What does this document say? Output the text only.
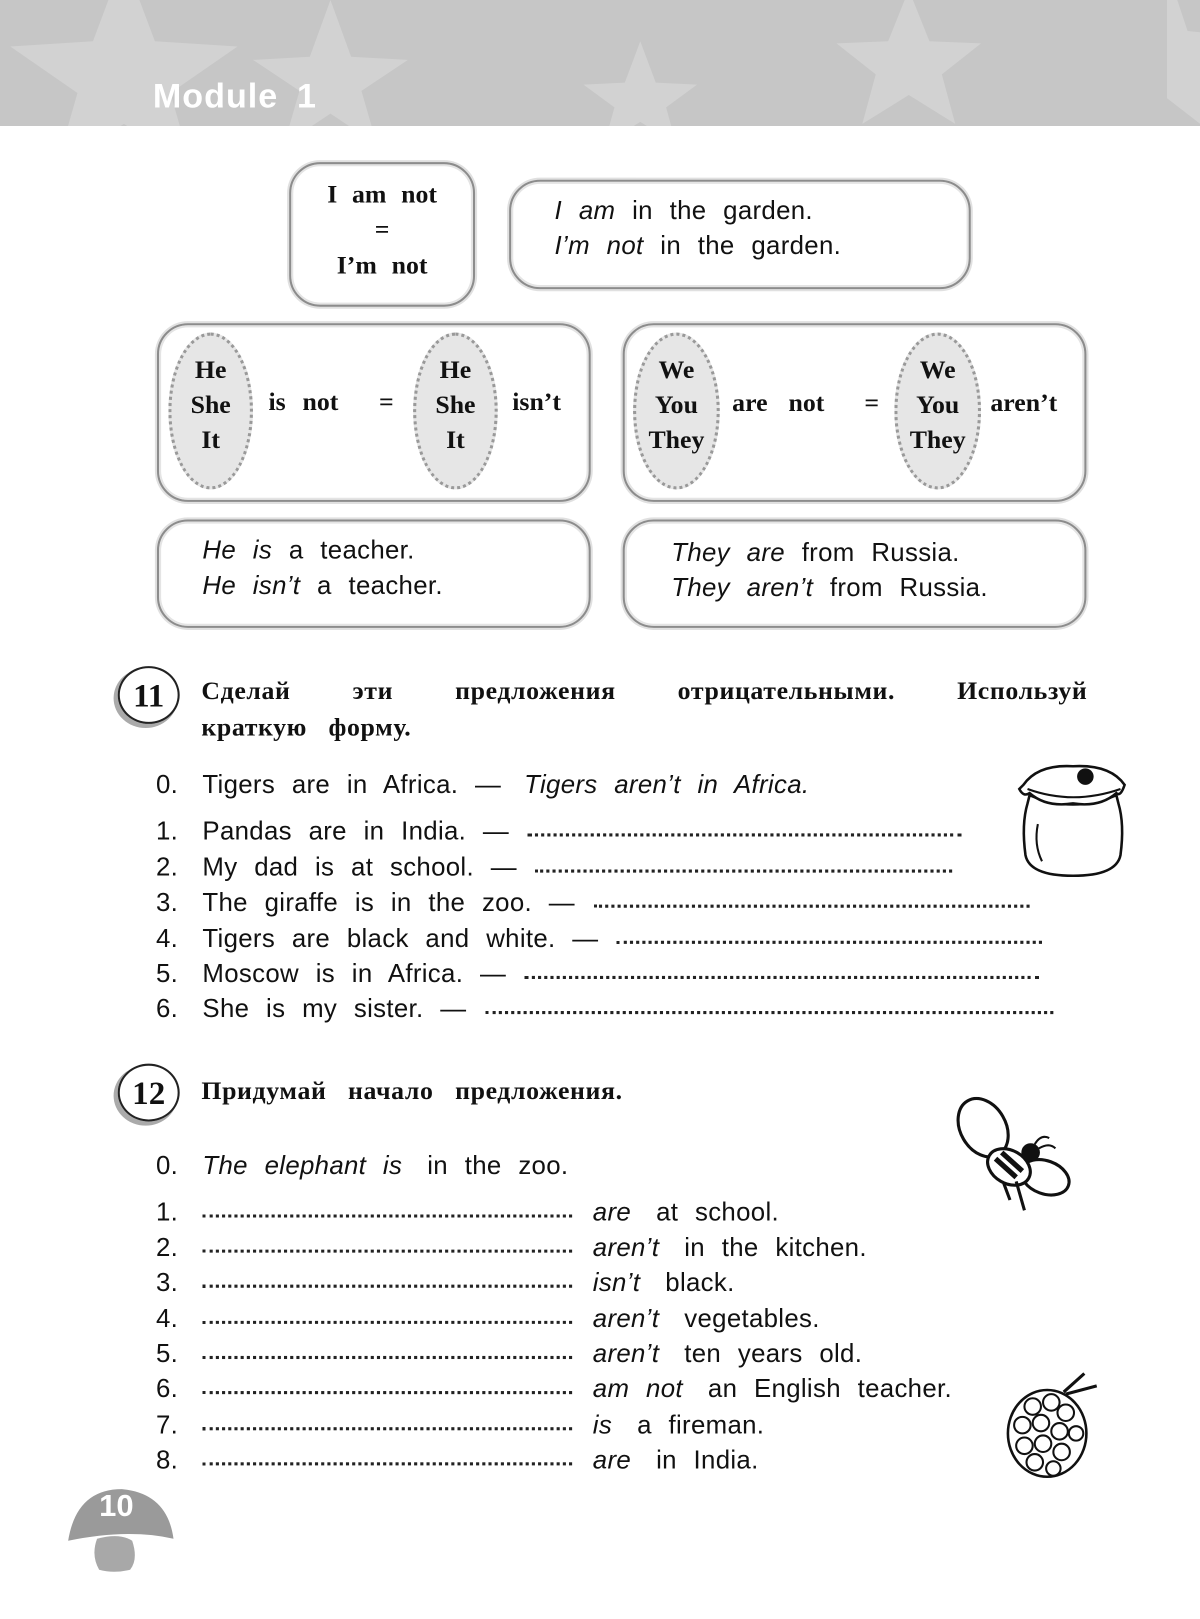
Module 1
I am not
=
I’m not
I am in the garden.
I’m not in the garden.
He
She
It
is not =
He
She
It
isn’t
We
You
They
are not =
We
You
They
aren’t
He is a teacher.
He isn’t a teacher.
They are from Russia.
They aren’t from Russia.
11	Сделай эти предложения отрицательными. Используй
краткую форму.
0. Tigers are in Africa. —
Tigers aren’t in Africa.
1. Pandas are in India. —
2. My dad is at school. —
3. The giraffe is in the zoo. —
4. Tigers are black and white. —
5. Moscow is in Africa. —
6. She is my sister. —
12	Придумай начало предложения.
0. The elephant is
in the zoo.
1.	are
at school.
2.	aren’t
in the kitchen.
3.	isn’t
black.
4.	aren’t
vegetables.
5.	aren’t
ten years old.
6.	am not
an English teacher.
7.	is
a fireman.
8.	are
in India.
10
